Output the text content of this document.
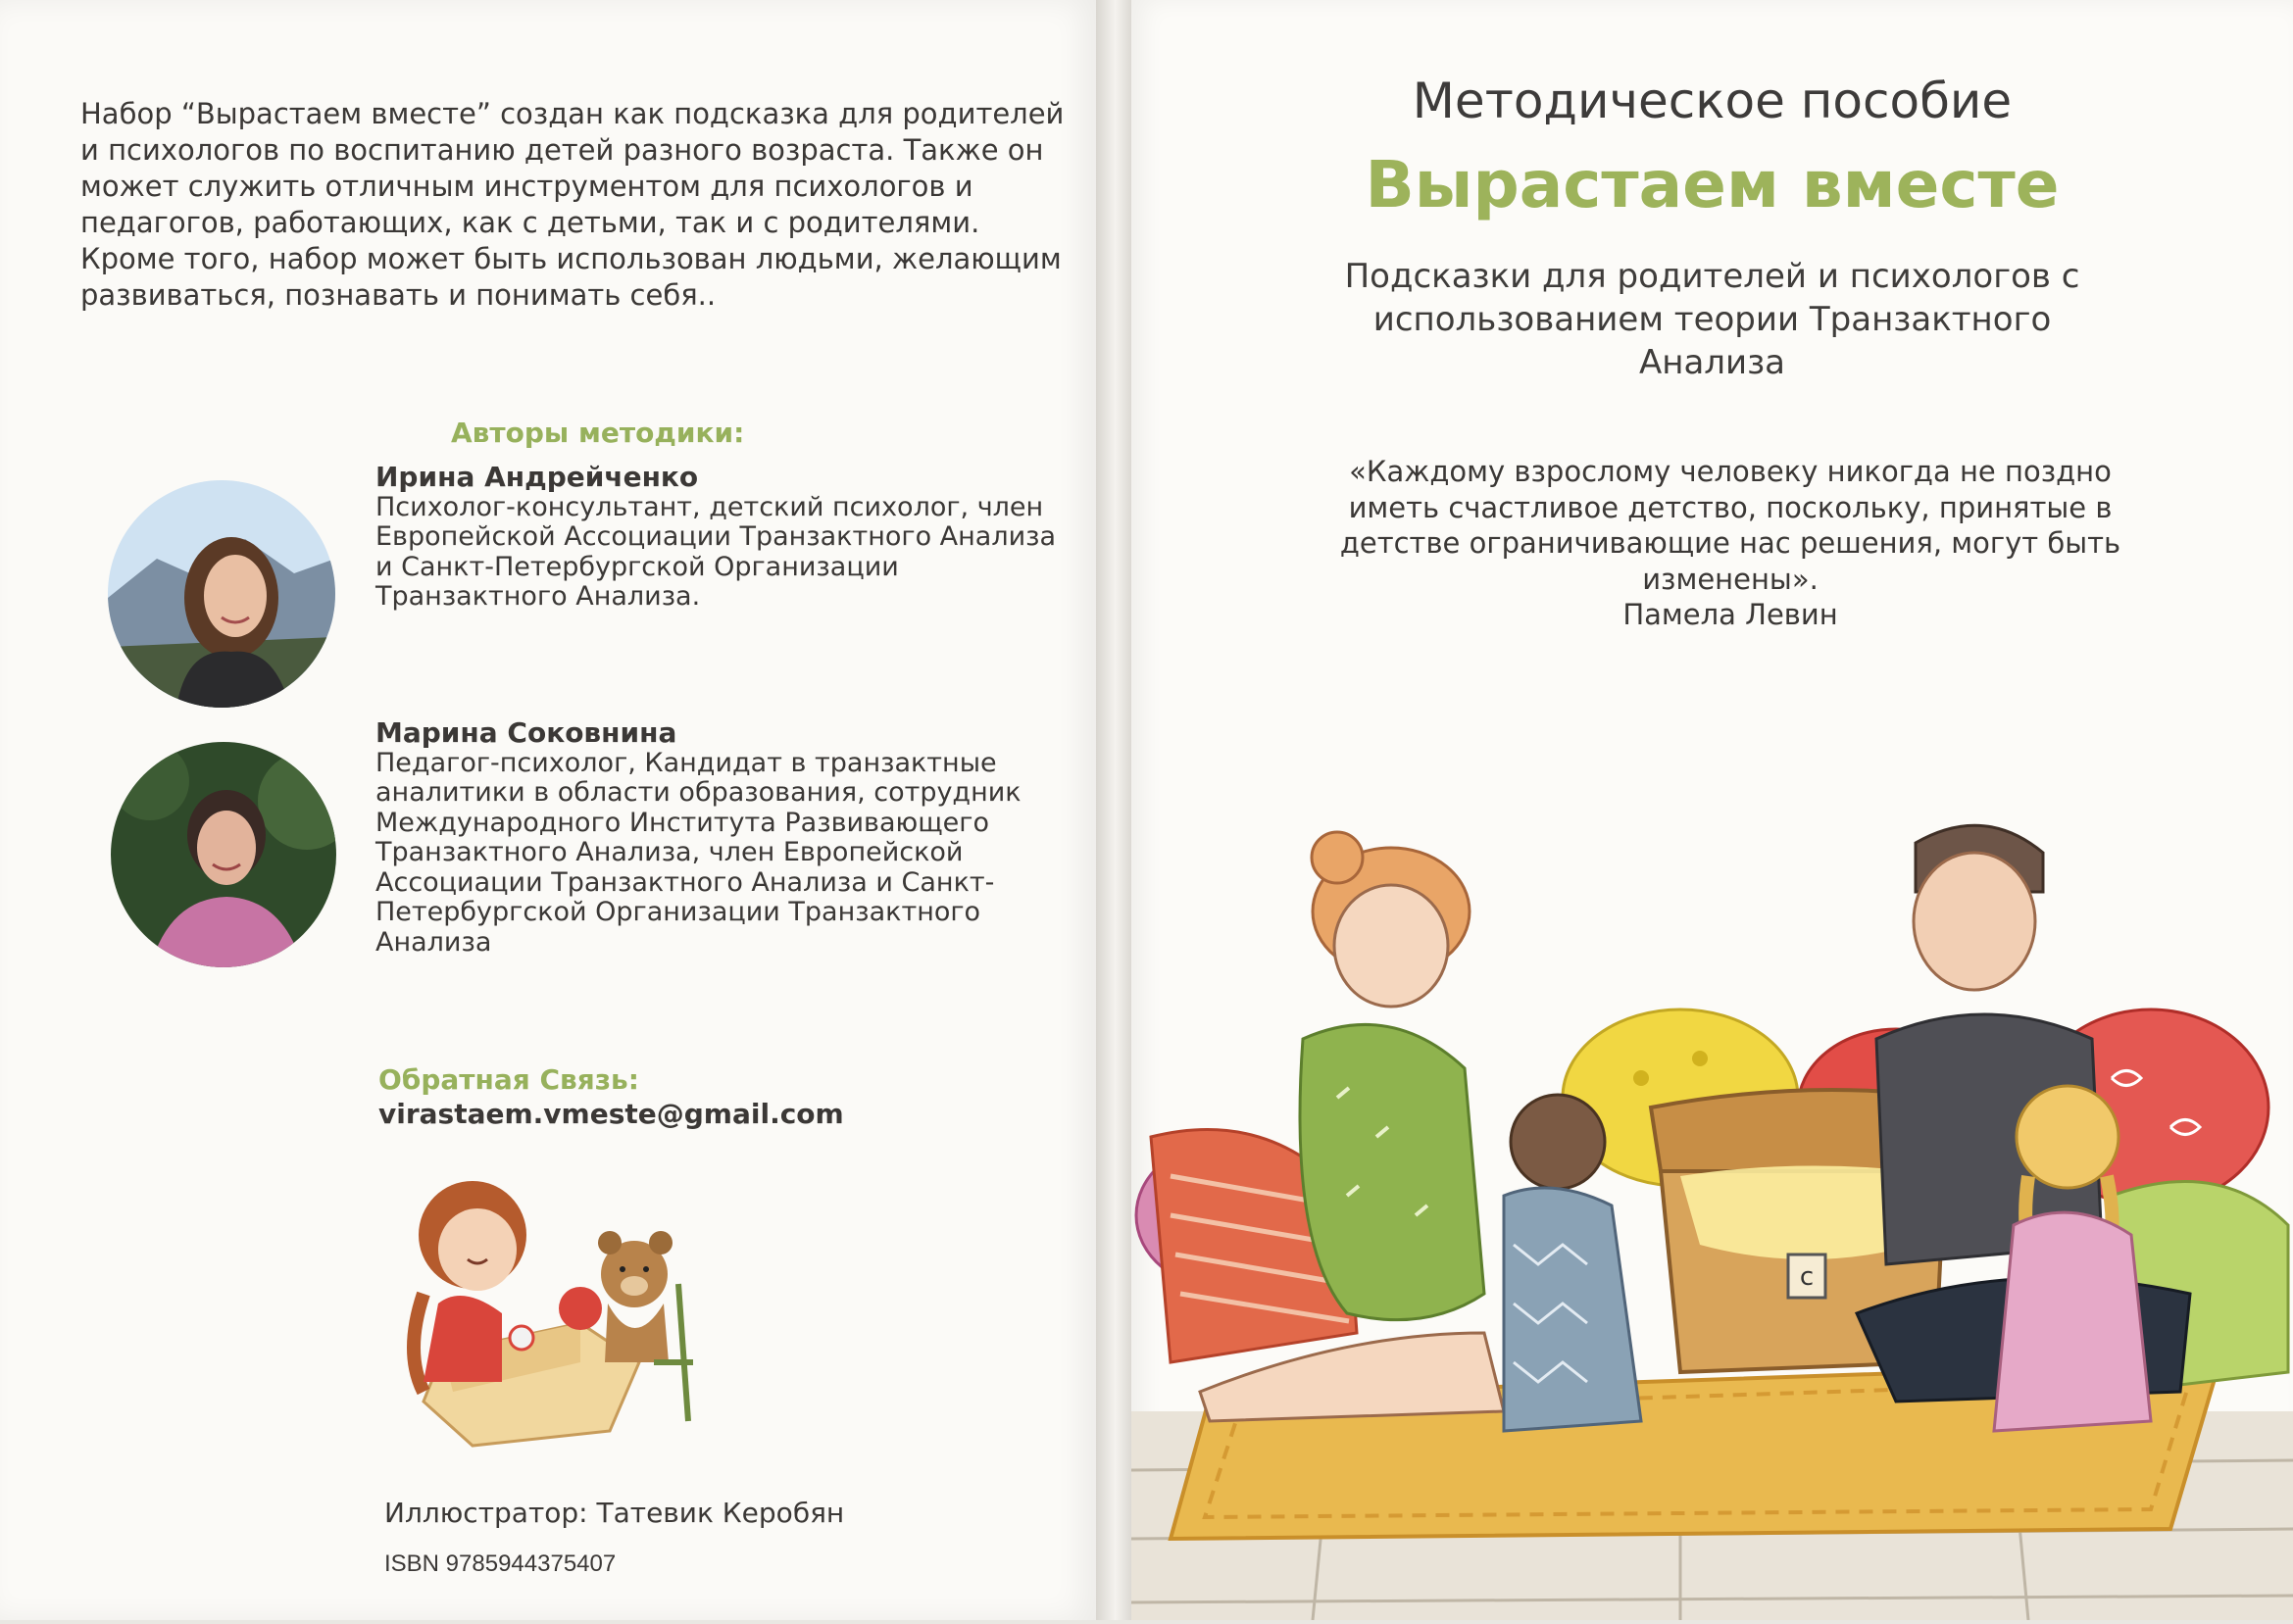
Набор “Вырастаем вместе” создан как подсказка для родителей и психологов по воспитанию детей разного возраста. Также он может служить отличным инструментом для психологов и педагогов, работающих, как с детьми, так и с родителями. Кроме того, набор может быть использован людьми, желающим развиваться, познавать и понимать себя..

Авторы методики:
Ирина Андрейченко
Психолог-консультант, детский психолог, член Европейской Ассоциации Транзактного Анализа и Санкт-Петербургской Организации Транзактного Анализа.
Марина Соковнина
Педагог-психолог, Кандидат в транзактные аналитики в области образования, сотрудник Международного Института Развивающего Транзактного Анализа, член Европейской Ассоциации Транзактного Анализа и Санкт-Петербургской Организации Транзактного Анализа
Обратная Связь:
virastaem.vmeste@gmail.com
Иллюстратор: Татевик Керобян
ISBN 9785944375407
Методическое пособие
Вырастаем вместе
Подсказки для родителей и психологов с использованием теории Транзактного Анализа
«Каждому взрослому человеку никогда не поздно иметь счастливое детство, поскольку, принятые в детстве ограничивающие нас решения, могут быть изменены».
Памела Левин
с
